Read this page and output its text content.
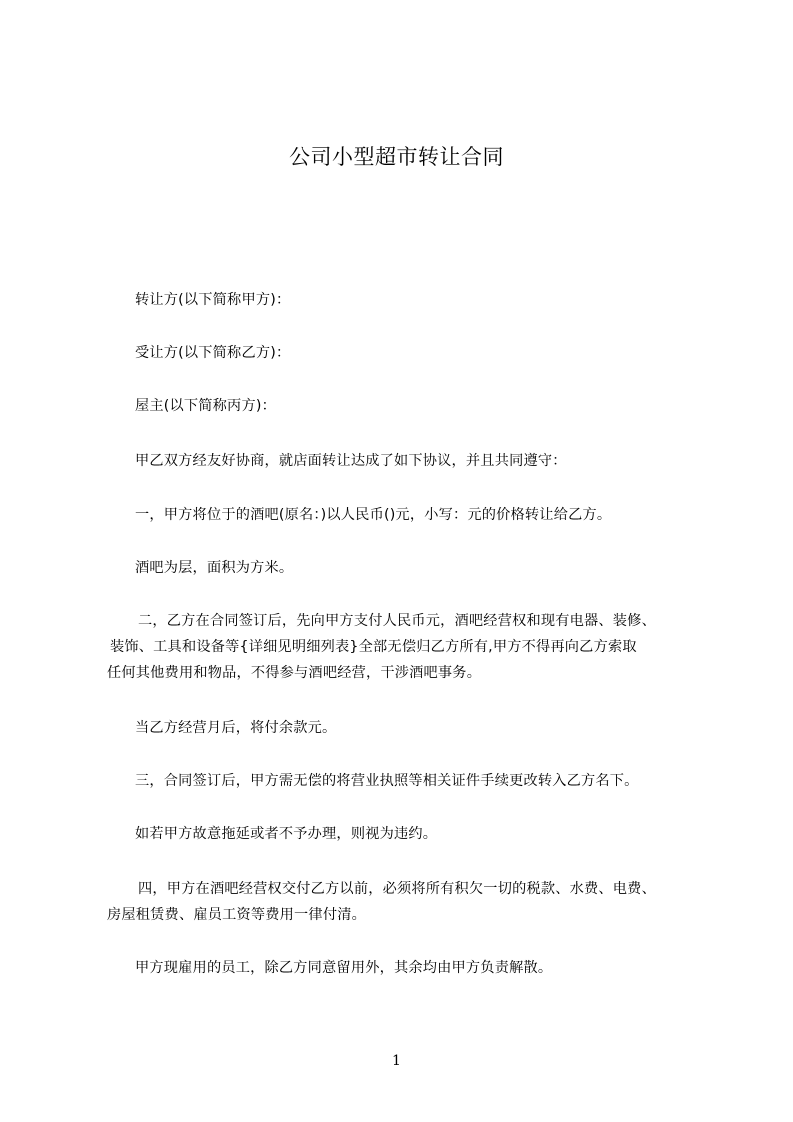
公司小型超市转让合同
转让方(以下简称甲方)：
受让方(以下简称乙方)：
屋主(以下简称丙方)：
甲乙双方经友好协商，就店面转让达成了如下协议，并且共同遵守：
一，甲方将位于的酒吧(原名：)以人民币()元，小写：元的价格转让给乙方。
酒吧为层，面积为方米。
二，乙方在合同签订后，先向甲方支付人民币元，酒吧经营权和现有电器、装修、
装饰、工具和设备等{详细见明细列表}全部无偿归乙方所有,甲方不得再向乙方索取
任何其他费用和物品，不得参与酒吧经营，干涉酒吧事务。
当乙方经营月后，将付余款元。
三，合同签订后，甲方需无偿的将营业执照等相关证件手续更改转入乙方名下。
如若甲方故意拖延或者不予办理，则视为违约。
四，甲方在酒吧经营权交付乙方以前，必须将所有积欠一切的税款、水费、电费、
房屋租赁费、雇员工资等费用一律付清。
甲方现雇用的员工，除乙方同意留用外，其余均由甲方负责解散。
1
